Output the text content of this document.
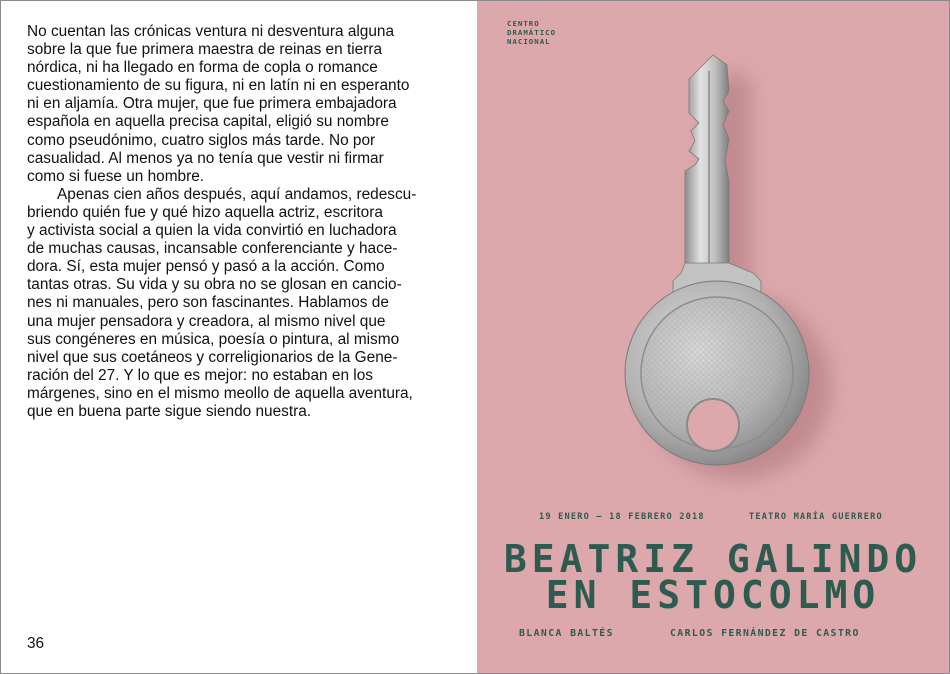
No cuentan las crónicas ventura ni desventura alguna
sobre la que fue primera maestra de reinas en tierra
nórdica, ni ha llegado en forma de copla o romance
cuestionamiento de su figura, ni en latín ni en esperanto
ni en aljamía. Otra mujer, que fue primera embajadora
española en aquella precisa capital, eligió su nombre
como pseudónimo, cuatro siglos más tarde. No por
casualidad. Al menos ya no tenía que vestir ni firmar
como si fuese un hombre.
Apenas cien años después, aquí andamos, redescu-
briendo quién fue y qué hizo aquella actriz, escritora
y activista social a quien la vida convirtió en luchadora
de muchas causas, incansable conferenciante y hace-
dora. Sí, esta mujer pensó y pasó a la acción. Como
tantas otras. Su vida y su obra no se glosan en cancio-
nes ni manuales, pero son fascinantes. Hablamos de
una mujer pensadora y creadora, al mismo nivel que
sus congéneres en música, poesía o pintura, al mismo
nivel que sus coetáneos y correligionarios de la Gene-
ración del 27. Y lo que es mejor: no estaban en los
márgenes, sino en el mismo meollo de aquella aventura,
que en buena parte sigue siendo nuestra.
36
CENTRO
DRAMÁTICO
NACIONAL
19 ENERO – 18 FEBRERO 2018	TEATRO MARÍA GUERRERO
BEATRIZ GALINDO
EN ESTOCOLMO
BLANCA BALTÉS	CARLOS FERNÁNDEZ DE CASTRO
